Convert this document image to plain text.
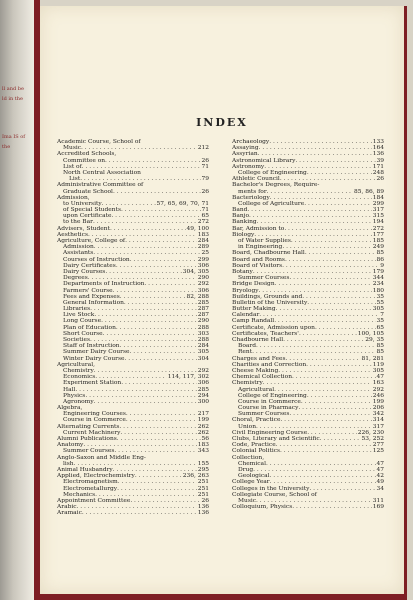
ll and be
ld in the
Ima IS of
the
INDEX
Academic Course, School of
Music . . .	212
Accredited Schools,
Committee on . . .	26
List of . . .	71
North Central Association
List . . .	79
Administrative Committee of
Graduate School . . .	26
Admission,
to University . . .	57, 65, 69, 70, 71
of Special Students . . .	71
upon Certificate . . .	65
to the Bar . . .	272
Advisers, Student . . .	49, 100
Aesthetics . . .	183
Agriculture, College of . . .	284
Admission . . .	289
Assistants . . .	25
Courses of Instruction . . .	299
Dairy Certificates . . .	306
Dairy Courses . . .	304, 305
Degrees . . .	290
Departments of Instruction . . .	292
Farmers' Course . . .	306
Fees and Expenses . . .	82, 288
General Information . . .	285
Libraries . . .	287
Live Stock . . .	287
Long Course . . .	290
Plan of Education . . .	288
Short Course . . .	303
Societies . . .	288
Staff of Instruction . . .	284
Summer Dairy Course . . .	305
Winter Dairy Course . . .	304
Agricultural,
Chemistry . . .	292
Economics . . .	114, 117, 302
Experiment Station . . .	306
Hall . . .	285
Physics . . .	294
Agronomy . . .	300
Algebra,
Engineering Courses . . .	217
Course in Commerce . . .	199
Alternating Currents . . .	262
Current Machinery . . .	262
Alumni Publications . . .	56
Anatomy . . .	183
Summer Courses . . .	343
Anglo-Saxon and Middle Eng-
lish . . .	155
Animal Husbandry . . .	295
Applied, Electrochemistry . . .	236, 263
Electromagnetism . . .	251
Electrometallurgy . . .	251
Mechanics . . .	251
Appointment Committee . . .	26
Arabic . . .	136
Aramaic . . .	136
Archaeology . . .	133
Assaying . . .	164
Assyrian . . .	136
Astronomical Library . . .	39
Astronomy . . .	171
College of Engineering . . .	248
Athletic Council . . .	26
Bachelor's Degrees, Require-
ments for . . .	85, 86, 89
Bacteriology . . .	184
College of Agriculture . . .	299
Band . . .	317
Banjo . . .	315
Banking . . .	194
Bar, Admission to . . .	272
Biology . . .	177
of Water Supplies . . .	185
in Engineering . . .	249
Board, Chadbourne Hall . . .	85
Board and Rooms . . .	86
Board of Visitors . . .	9
Botany . . .	179
Summer Courses . . .	344
Bridge Design . . .	234
Bryology . . .	180
Buildings, Grounds and . . .	35
Bulletin of the University . . .	55
Butter Making . . .	305
Calendar . . .	7
Camp Randall . . .	35
Certificate, Admission upon . . .	65
Certificates, Teachers' . . .	100, 105
Chadbourne Hall . . .	29, 35
Board . . .	85
Rent . . .	85
Charges and Fees . . .	81, 281
Charities and Correction . . .	119
Cheese Making . . .	305
Chemical Collection . . .	47
Chemistry . . .	163
Agricultural . . .	292
College of Engineering . . .	246
Course in Commerce . . .	199
Course in Pharmacy . . .	206
Summer Courses . . .	342
Choral, Practice . . .	314
Union . . .	317
Civil Engineering Course . . .	226, 230
Clubs, Literary and Scientific . . .	53, 252
Code, Practice . . .	277
Colonial Politics . . .	125
Collection,
Chemical . . .	47
Drug . . .	47
Geological . . .	42
College Year . . .	49
Colleges in the University . . .	34
Collegiate Course, School of
Music . . .	311
Colloquium, Physics . . .	169
